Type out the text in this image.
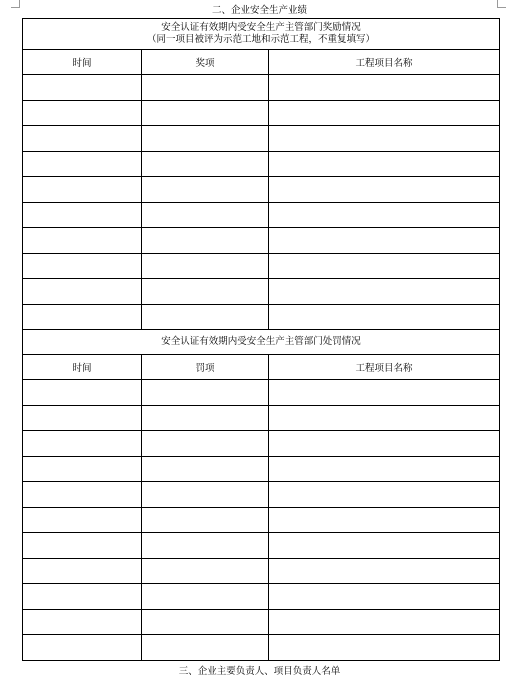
二、企业安全生产业绩
安全认证有效期内受安全生产主管部门奖励情况
（同一项目被评为示范工地和示范工程，不重复填写）		

时间	奖项	工程项目名称

安全认证有效期内受安全生产主管部门处罚情况		
时间	罚项	工程项目名称

三、企业主要负责人、项目负责人名单
